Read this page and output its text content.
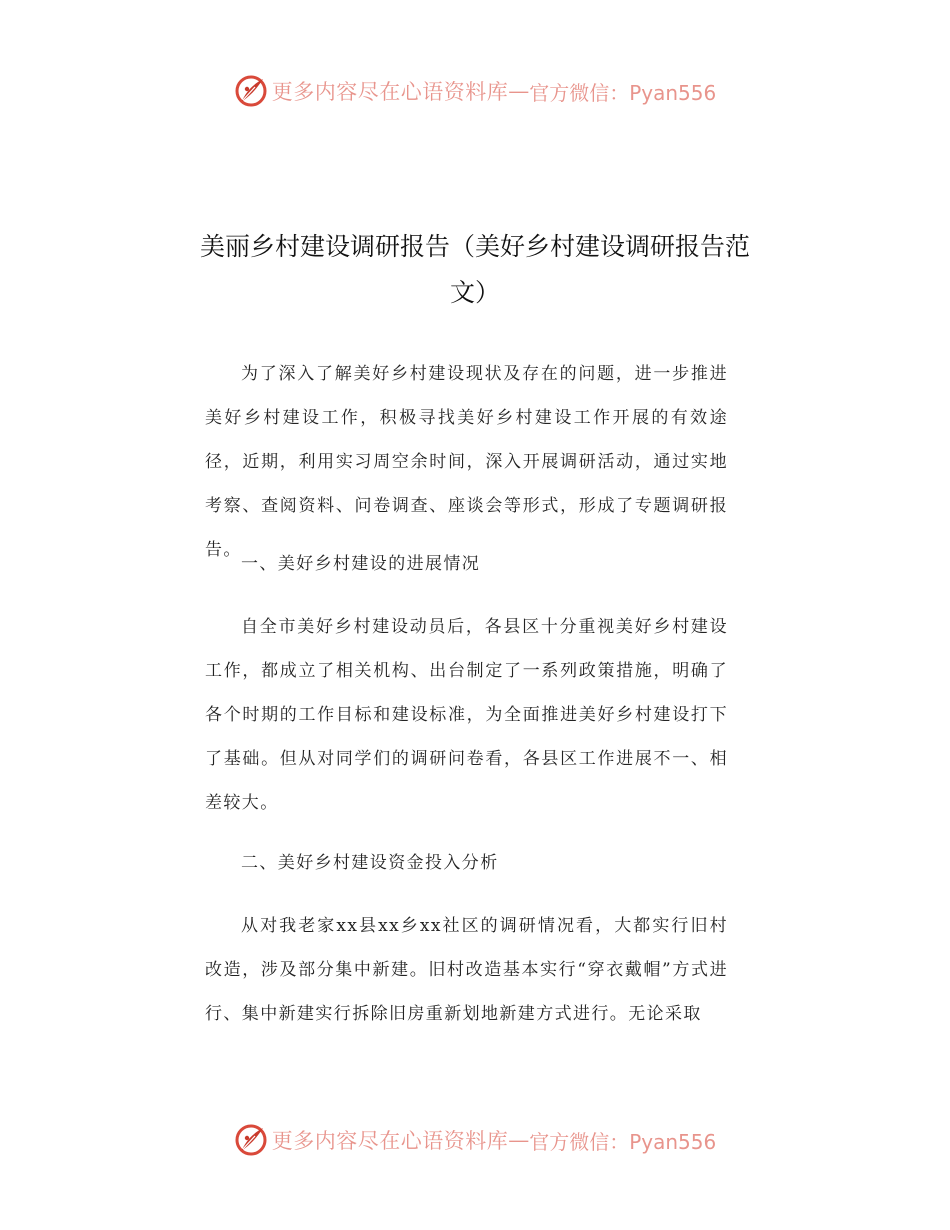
更多内容尽在心语资料库 — 官方微信：Pyan556
美丽乡村建设调研报告（美好乡村建设调研报告范文）

为了深入了解美好乡村建设现状及存在的问题，进一步推进美好乡村建设工作，积极寻找美好乡村建设工作开展的有效途径，近期，利用实习周空余时间，深入开展调研活动，通过实地考察、查阅资料、问卷调查、座谈会等形式，形成了专题调研报告。

一、美好乡村建设的进展情况

自全市美好乡村建设动员后，各县区十分重视美好乡村建设工作，都成立了相关机构、出台制定了一系列政策措施，明确了各个时期的工作目标和建设标准，为全面推进美好乡村建设打下了基础。但从对同学们的调研问卷看，各县区工作进展不一、相差较大。

二、美好乡村建设资金投入分析

从对我老家xx县xx乡xx社区的调研情况看，大都实行旧村改造，涉及部分集中新建。旧村改造基本实行“穿衣戴帽”方式进行、集中新建实行拆除旧房重新划地新建方式进行。无论采取

更多内容尽在心语资料库 — 官方微信：Pyan556
